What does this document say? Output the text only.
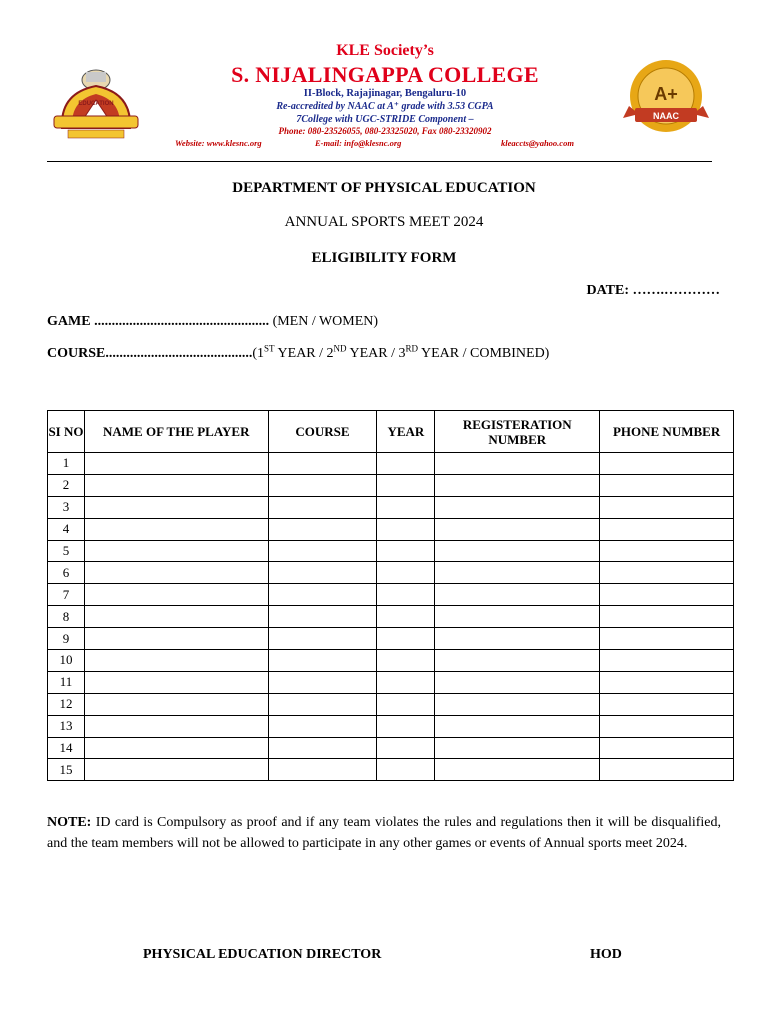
EDUCATION	A+
NAAC
KLE Society’s
S. NIJALINGAPPA COLLEGE
II-Block, Rajajinagar, Bengaluru-10
Re-accredited by NAAC at A⁺ grade with 3.53 CGPA
7College with UGC-STRIDE Component –
Phone: 080-23526055, 080-23325020, Fax 080-23320902
Website: www.klesnc.org	E-mail: info@klesnc.org	kleaccts@yahoo.com
DEPARTMENT OF PHYSICAL EDUCATION
ANNUAL SPORTS MEET 2024
ELIGIBILITY FORM
DATE: …….…………
GAME .................................................. (MEN / WOMEN)
COURSE..........................................(1ST YEAR / 2ND YEAR / 3RD YEAR / COMBINED)
SI NO	NAME OF THE PLAYER	COURSE	YEAR	REGISTERATION NUMBER	PHONE NUMBER
1					
2					
3					
4					
5					
6					
7					
8					
9					
10					
11					
12					
13					
14					
15					
NOTE: ID card is Compulsory as proof and if any team violates the rules and regulations then it will be disqualified, and the team members will not be allowed to participate in any other games or events of Annual sports meet 2024.
PHYSICAL EDUCATION DIRECTOR	HOD
